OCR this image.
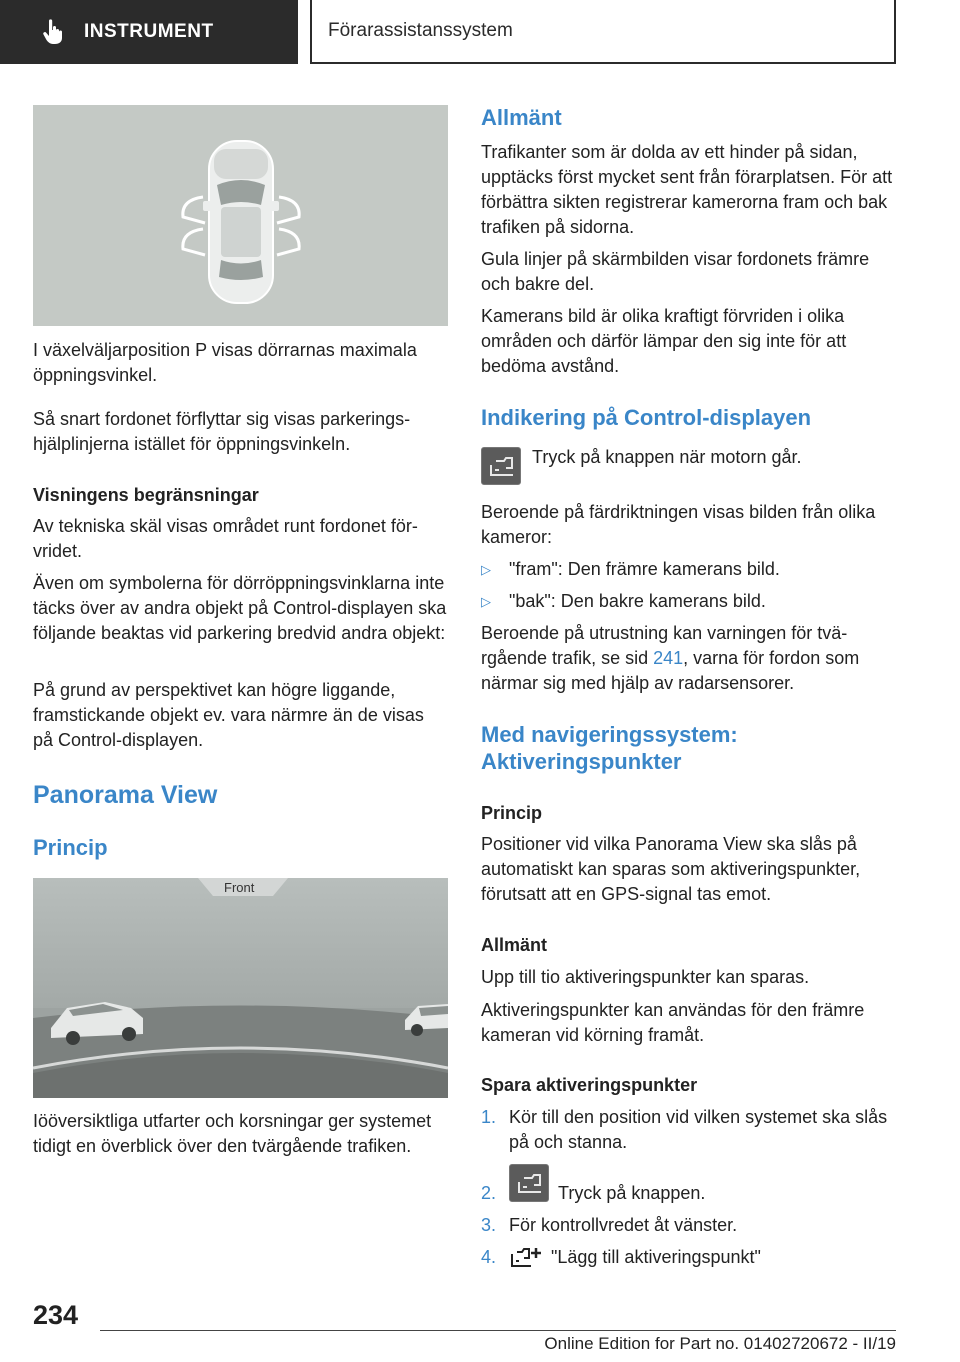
INSTRUMENT	Förarassistanssystem
I växelväljarposition P visas dörrarnas maximala öppningsvinkel.
Så snart fordonet förflyttar sig visas parkeringshjälplinjerna istället för öppningsvinkeln.
Visningens begränsningar
Av tekniska skäl visas området runt fordonet förvridet.
Även om symbolerna för dörröppningsvinklarna inte täcks över av andra objekt på Control-displayen ska följande beaktas vid parkering bredvid andra objekt:
På grund av perspektivet kan högre liggande, framstickande objekt ev. vara närmre än de visas på Control-displayen.
Panorama View
Princip
Front
Iööversiktliga utfarter och korsningar ger systemet tidigt en överblick över den tvärgående trafiken.
Allmänt
Trafikanter som är dolda av ett hinder på sidan, upptäcks först mycket sent från förarplatsen. För att förbättra sikten registrerar kamerorna fram och bak trafiken på sidorna.
Gula linjer på skärmbilden visar fordonets främre och bakre del.
Kamerans bild är olika kraftigt förvriden i olika områden och därför lämpar den sig inte för att bedöma avstånd.
Indikering på Control-displayen
Tryck på knappen när motorn går.
Beroende på färdriktningen visas bilden från olika kameror:
▷ "fram": Den främre kamerans bild.
▷ "bak": Den bakre kamerans bild.
Beroende på utrustning kan varningen för tvärgående trafik, se sid 241, varna för fordon som närmar sig med hjälp av radarsensorer.
Med navigeringssystem:
Aktiveringspunkter
Princip
Positioner vid vilka Panorama View ska slås på automatiskt kan sparas som aktiveringspunkter, förutsatt att en GPS-signal tas emot.
Allmänt
Upp till tio aktiveringspunkter kan sparas.
Aktiveringspunkter kan användas för den främre kameran vid körning framåt.
Spara aktiveringspunkter
1. Kör till den position vid vilken systemet ska slås på och stanna.
2.	Tryck på knappen.
3. För kontrollvredet åt vänster.
4.	"Lägg till aktiveringspunkt"
234
Online Edition for Part no. 01402720672 - II/19
